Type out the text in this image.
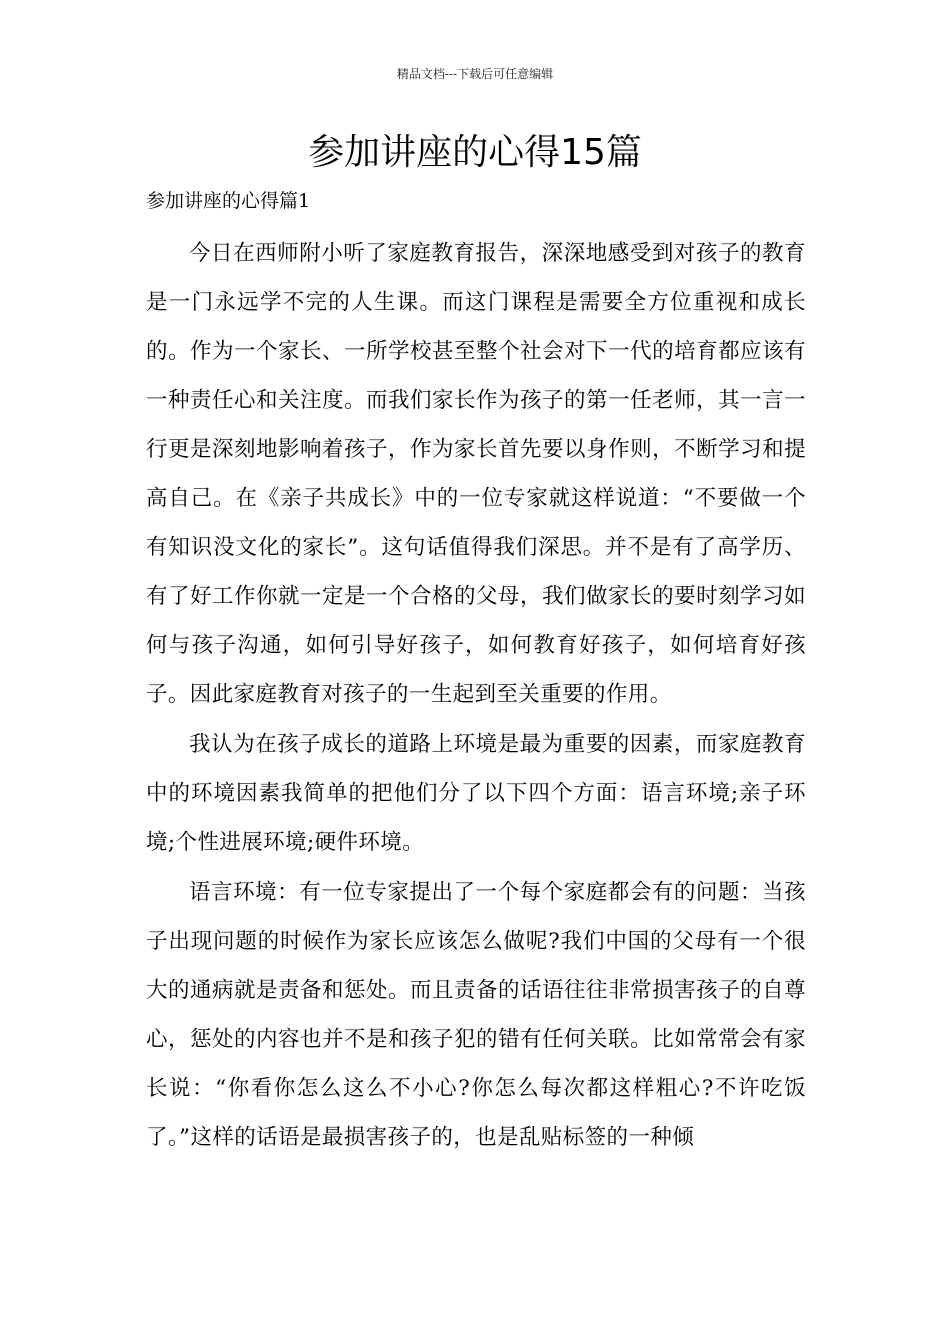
精品文档---下载后可任意编辑
参加讲座的心得15篇
参加讲座的心得篇1

今日在西师附小听了家庭教育报告，深深地感受到对孩子的教育是一门永远学不完的人生课。而这门课程是需要全方位重视和成长的。作为一个家长、一所学校甚至整个社会对下一代的培育都应该有一种责任心和关注度。而我们家长作为孩子的第一任老师，其一言一行更是深刻地影响着孩子，作为家长首先要以身作则，不断学习和提高自己。在《亲子共成长》中的一位专家就这样说道：“不要做一个有知识没文化的家长”。这句话值得我们深思。并不是有了高学历、有了好工作你就一定是一个合格的父母，我们做家长的要时刻学习如何与孩子沟通，如何引导好孩子，如何教育好孩子，如何培育好孩子。因此家庭教育对孩子的一生起到至关重要的作用。

我认为在孩子成长的道路上环境是最为重要的因素，而家庭教育中的环境因素我简单的把他们分了以下四个方面：语言环境;亲子环境;个性进展环境;硬件环境。

语言环境：有一位专家提出了一个每个家庭都会有的问题：当孩子出现问题的时候作为家长应该怎么做呢?我们中国的父母有一个很大的通病就是责备和惩处。而且责备的话语往往非常损害孩子的自尊心，惩处的内容也并不是和孩子犯的错有任何关联。比如常常会有家长说：“你看你怎么这么不小心?你怎么每次都这样粗心?不许吃饭了。”这样的话语是最损害孩子的，也是乱贴标签的一种倾
